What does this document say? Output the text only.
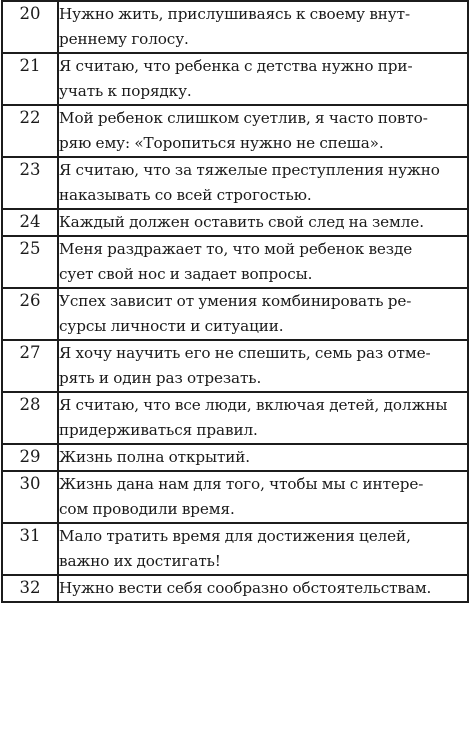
20	Нужно жить, прислушиваясь к своему внут-
реннему голосу.

21	Я считаю, что ребенка с детства нужно при-
учать к порядку.

22	Мой ребенок слишком суетлив, я часто повто-
ряю ему: «Торопиться нужно не спеша».

23	Я считаю, что за тяжелые преступления нужно
наказывать со всей строгостью.

24	Каждый должен оставить свой след на земле.

25	Меня раздражает то, что мой ребенок везде
сует свой нос и задает вопросы.

26	Успех зависит от умения комбинировать ре-
сурсы личности и ситуации.

27	Я хочу научить его не спешить, семь раз отме-
рять и один раз отрезать.

28	Я считаю, что все люди, включая детей, должны
придерживаться правил.

29	Жизнь полна открытий.

30	Жизнь дана нам для того, чтобы мы с интере-
сом проводили время.

31	Мало тратить время для достижения целей,
важно их достигать!

32	Нужно вести себя сообразно обстоятельствам.
